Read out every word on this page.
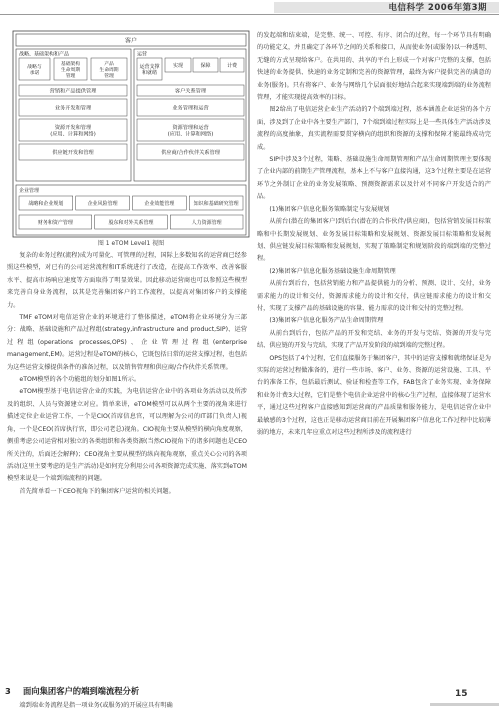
电信科学 2006年第3期
客户
战略、基础架构和产品
战略与承诺
基础架构生命周期管理
产品生命周期管理
营销和产品提供管理
业务开发和管理
资源开发和管理(应用、计算和网络)
供应链开发和管理
运营
运营支撑和就绪
实现	保障	计费
客户关系管理
业务管理和运营
资源管理和运营(应用、计算和网络)
供应商/合作伙伴关系管理
企业管理
战略和企业规划	企业风险管理	企业效能管理	知识和基础研究管理
财务和资产管理	股东和对外关系管理	人力资源管理
图 1 eTOM Level1 视图

复杂的业务过程(流程)成为可量化、可管理的过程，国际上多数知名的运营商已经参照这些模型，对已有的公司运营流程和IT系统进行了改造，在提高工作效率、改善客服水平、提高市场响应速度等方面取得了明显效果。因此移动运营商也可以参照这些模型来完善自身业务流程，以其是完善集团客户的工作流程，以提高对集团客户的支撑能力。

TMF eTOM对电信运营企业的环境进行了整体描述，eTOM将企业环境分为三部分：战略、基础设施和产品过程组(strategy,infrastructure and product,SIP)、运营过程组(operations processes,OPS)、企业管理过程组(enterprise management,EM)。运营过程是eTOM的核心，它既包括日常的运营支撑过程，也包括为这些运营支撑提供条件的准备过程，以及销售管理和供应商/合作伙伴关系管理。

eTOM模型的各个功能组的划分如图1所示。

eTOM模型基于电信运营企业的实践，为电信运营企业中的各项业务活动以及所涉及的组织、人员与资源建立对应。简单来讲，eTOM模型可以从两个主要的视角来进行描述定位企业运营工作，一个是CIO(首席信息官，可以理解为公司的IT部门负责人)视角，一个是CEO(首席执行官，即公司老总)视角。CIO视角主要从模型的横向角度观察，侧重考虑公司运营相对独立的各类组织和各类资源(当然CIO视角下的诸多问题也是CEO所关注的，后面还会解释)；CEO视角主要从模型的纵向视角观察，重点关心公司的各项活动(这里主要考虑的是生产活动)是如何充分利用公司各项资源完成实施、落实到eTOM模型来说是一个端到端流程的问题。

首先简单看一下CEO视角下的集团客户运营的相关问题。

3 面向集团客户的端到端流程分析
端到端业务流程是指一项业务(或服务)的开展应具有明确

的发起端和结束端，是完整、统一、可控、有序、闭合的过程，每一个环节具有明确的功能定义，并且确定了各环节之间的关系和接口，从而使业务(或服务)以一种透明、无缝的方式呈现给客户。在共用的、共享的平台上形成一个对客户完整的支撑，包括快速的业务提供、快速的业务定制和完善的资源管理，最终为客户提供完善的满意的业务(服务)。只有将客户、业务与网络几个层面很好地结合起来实现端到端的业务流程管理，才能实现提高效率的目标。

图2给出了电信运营企业生产活动的7个端到端过程，基本涵盖企业运营的各个方面，涉及到了企业中各主要生产部门，7个端到端过程实际上是一些具体生产活动涉及流程的高度抽象，真实流程需要贯穿横向的组织和资源的支撑和保障才能最终成功完成。

SIP中涉及3个过程，策略、基础设施生命周期管理和产品生命周期管理主要体现了企业内部的前期生产管理流程，基本上不与客户直接沟通，这3个过程主要是在运营环节之外制订企业的业务发展策略、预测资源需求以及针对不同客户开发适合的产品。

(1)集团客户信息化服务策略制定与发展规划

从前台(潜在的集团客户)到后台(潜在的合作伙伴/供应商)，包括营销发展目标策略和中长期发展规划、业务发展目标策略和发展规划、资源发展目标策略和发展规划、供应链发展目标策略和发展规划，实现了策略制定和规划阶段的端到端的完整过程。

(2)集团客户信息化服务基础设施生命周期管理

从前台到后台，包括营销能力和产品提供能力的分析、预测、设计、交付，业务需求能力的设计和交付，资源需求能力的设计和交付，供应链需求能力的设计和交付，实现了支撑产品的基础设施的容量、能力需求的设计和交付的完整过程。

(3)集团客户信息化服务产品生命周期管理

从前台到后台，包括产品的开发和完结、业务的开发与完结、资源的开发与完结、供应链的开发与完结，实现了产品开发阶段的端到端的完整过程。

OPS包括了4个过程，它们直接服务于集团客户，其中的运营支撑和就绪保证是为实际的运营过程做准备的，进行一些市场、客户、业务、资源的运营设施、工具、平台的准备工作，包括最后测试、验证和检查等工作，FAB包含了业务实现、业务保障和业务计费3大过程，它们是整个电信企业运营中的核心生产过程，直接体现了运营水平，通过这些过程客户直接感知到运营商的产品质量和服务能力，是电信运营企业中最敏感的3个过程，这也正是移动运营商目前在开展集团客户信息化工作过程中比较薄弱的地方，未来几年应重点对这些过程所涉及的流程进行

15
